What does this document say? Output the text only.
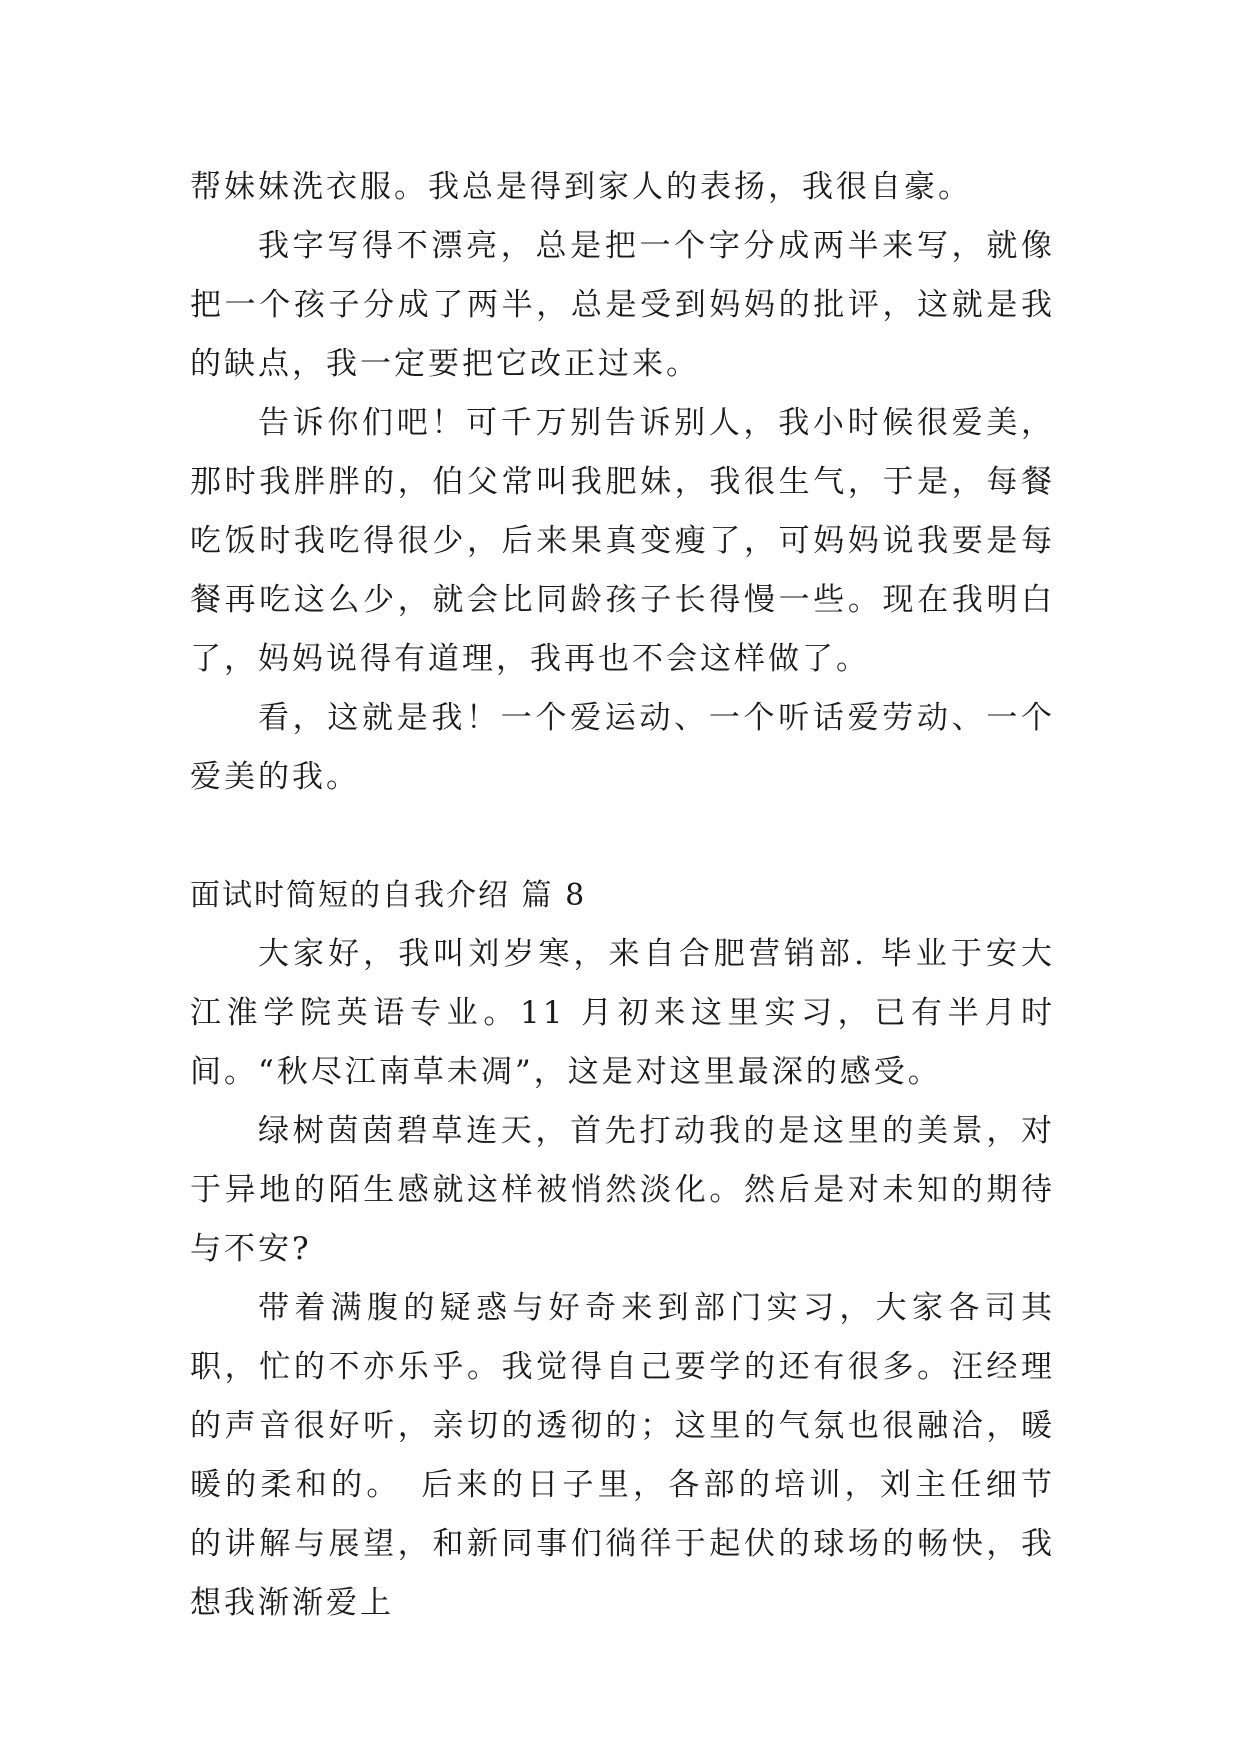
帮妹妹洗衣服。我总是得到家人的表扬，我很自豪。

我字写得不漂亮，总是把一个字分成两半来写，就像把一个孩子分成了两半，总是受到妈妈的批评，这就是我的缺点，我一定要把它改正过来。

告诉你们吧！可千万别告诉别人，我小时候很爱美，那时我胖胖的，伯父常叫我肥妹，我很生气，于是，每餐吃饭时我吃得很少，后来果真变瘦了，可妈妈说我要是每餐再吃这么少，就会比同龄孩子长得慢一些。现在我明白了，妈妈说得有道理，我再也不会这样做了。

看，这就是我！一个爱运动、一个听话爱劳动、一个爱美的我。

面试时简短的自我介绍 篇 8

大家好，我叫刘岁寒，来自合肥营销部. 毕业于安大江淮学院英语专业。11 月初来这里实习，已有半月时间。“秋尽江南草未凋”，这是对这里最深的感受。

绿树茵茵碧草连天，首先打动我的是这里的美景，对于异地的陌生感就这样被悄然淡化。然后是对未知的期待与不安?

带着满腹的疑惑与好奇来到部门实习，大家各司其职，忙的不亦乐乎。我觉得自己要学的还有很多。汪经理的声音很好听，亲切的透彻的；这里的气氛也很融洽，暖暖的柔和的。　后来的日子里，各部的培训，刘主任细节的讲解与展望，和新同事们徜徉于起伏的球场的畅快，我想我渐渐爱上
